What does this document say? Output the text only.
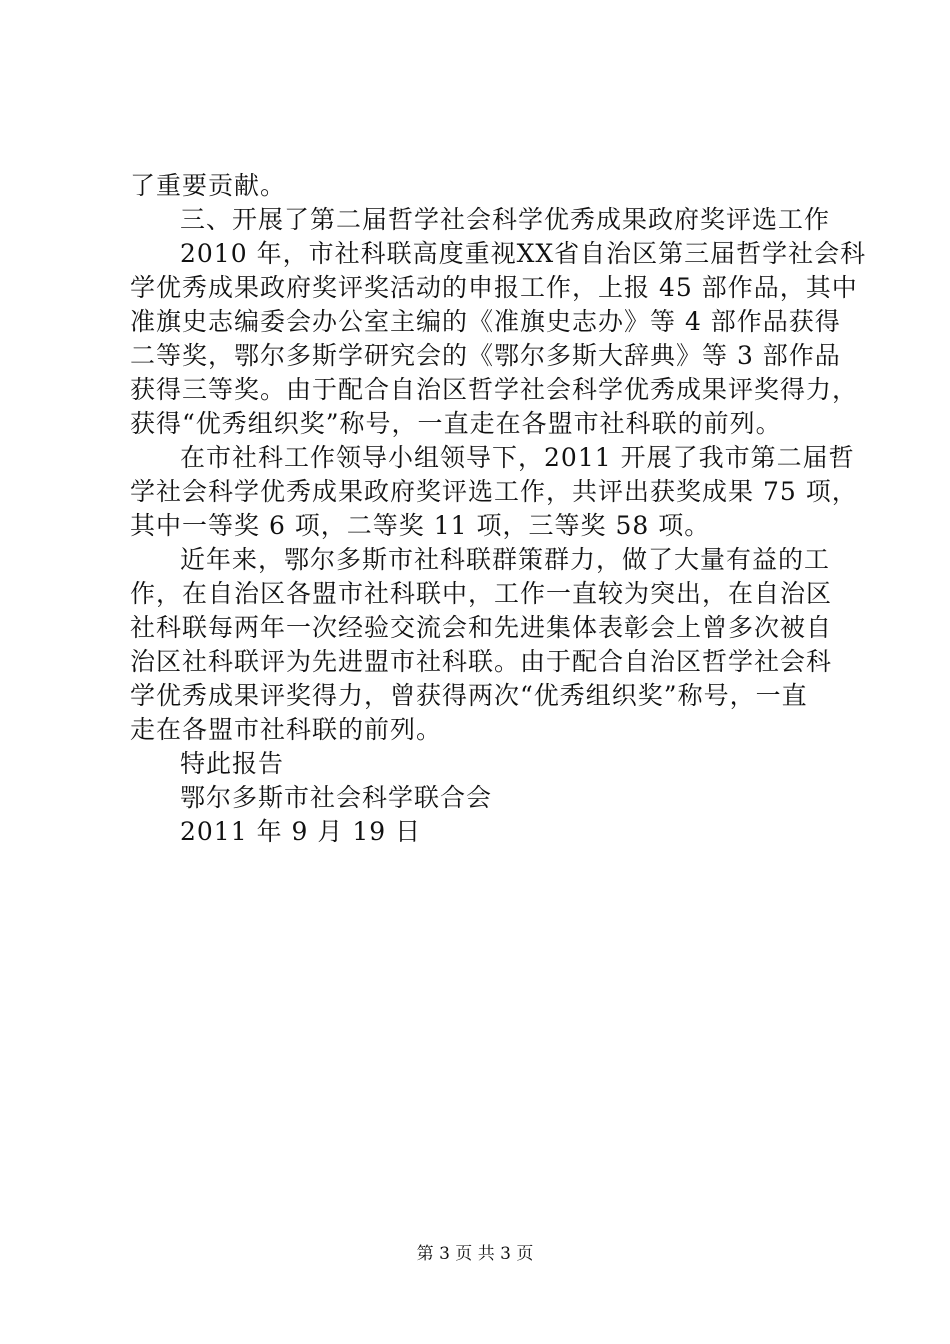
了重要贡献。
三、开展了第二届哲学社会科学优秀成果政府奖评选工作
2010 年，市社科联高度重视XX省自治区第三届哲学社会科
学优秀成果政府奖评奖活动的申报工作，上报 45 部作品，其中
准旗史志编委会办公室主编的《准旗史志办》等 4 部作品获得
二等奖，鄂尔多斯学研究会的《鄂尔多斯大辞典》等 3 部作品
获得三等奖。由于配合自治区哲学社会科学优秀成果评奖得力，
获得“优秀组织奖”称号，一直走在各盟市社科联的前列。
在市社科工作领导小组领导下，2011 开展了我市第二届哲
学社会科学优秀成果政府奖评选工作，共评出获奖成果 75 项，
其中一等奖 6 项，二等奖 11 项，三等奖 58 项。
近年来，鄂尔多斯市社科联群策群力，做了大量有益的工
作，在自治区各盟市社科联中，工作一直较为突出，在自治区
社科联每两年一次经验交流会和先进集体表彰会上曾多次被自
治区社科联评为先进盟市社科联。由于配合自治区哲学社会科
学优秀成果评奖得力，曾获得两次“优秀组织奖”称号，一直
走在各盟市社科联的前列。
特此报告
鄂尔多斯市社会科学联合会
2011 年 9 月 19 日
第 3 页 共 3 页
